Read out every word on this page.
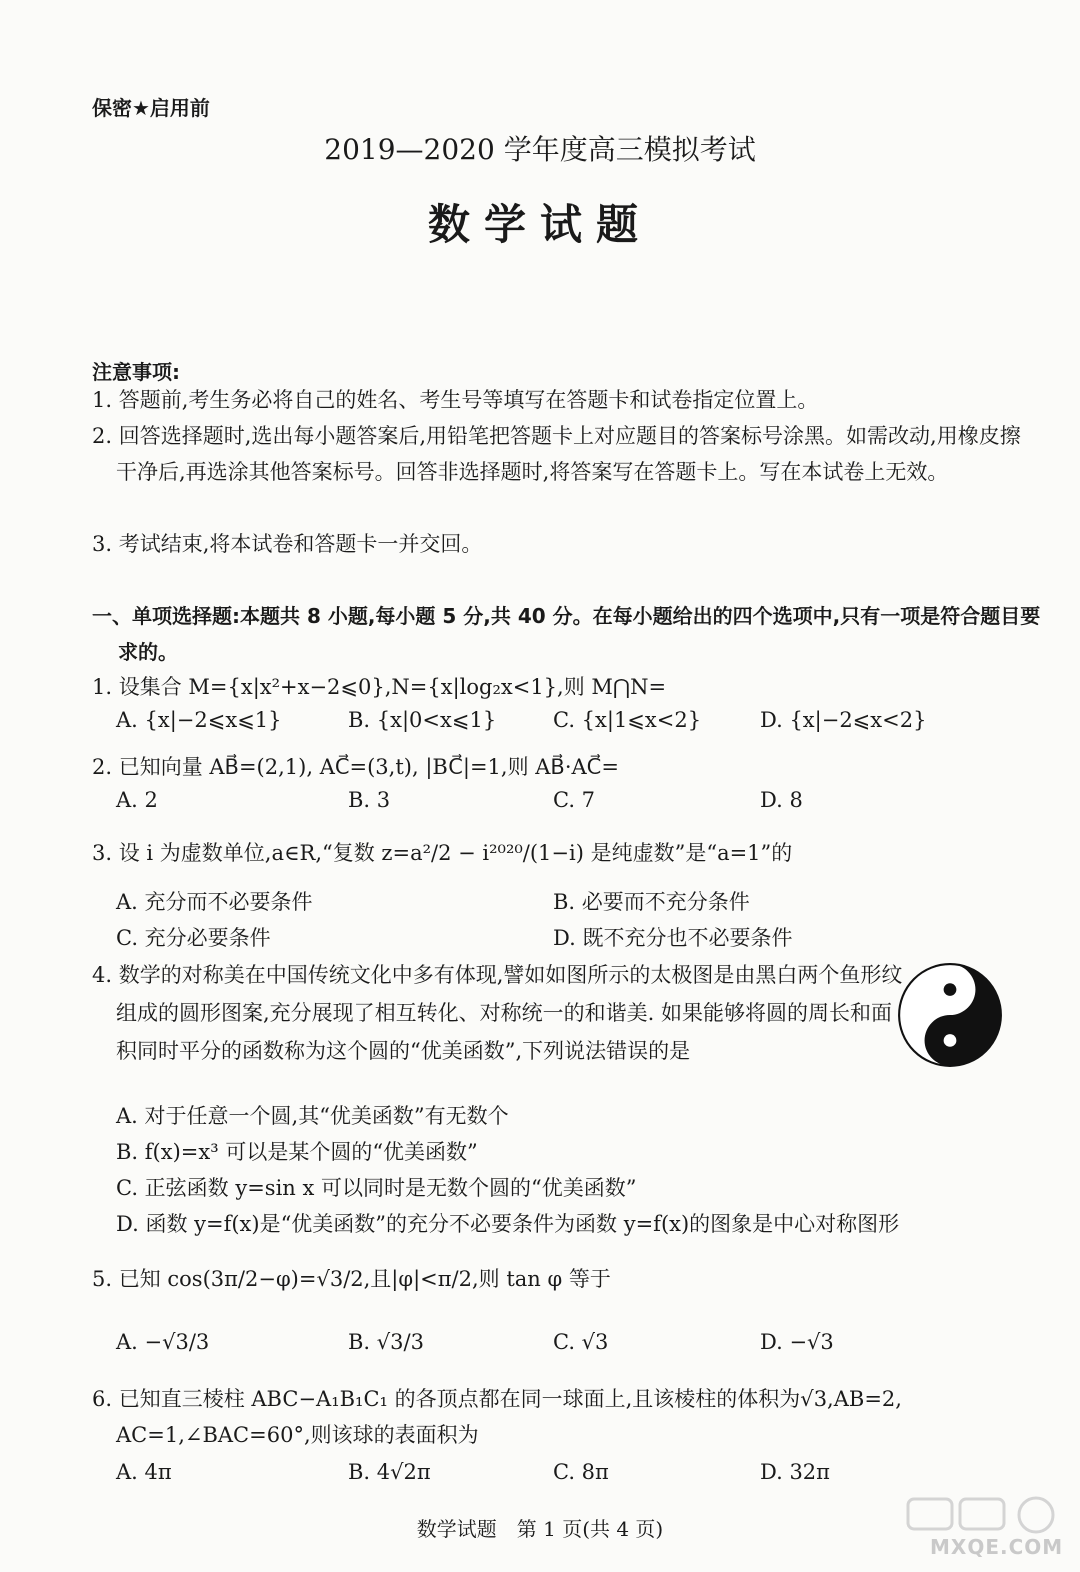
保密★启用前
2019—2020 学年度高三模拟考试
数学试题
注意事项:
1. 答题前,考生务必将自己的姓名、考生号等填写在答题卡和试卷指定位置上。
2. 回答选择题时,选出每小题答案后,用铅笔把答题卡上对应题目的答案标号涂黑。如需改动,用橡皮擦干净后,再选涂其他答案标号。回答非选择题时,将答案写在答题卡上。写在本试卷上无效。
3. 考试结束,将本试卷和答题卡一并交回。
一、单项选择题:本题共 8 小题,每小题 5 分,共 40 分。在每小题给出的四个选项中,只有一项是符合题目要求的。
1. 设集合 M={x|x²+x−2⩽0},N={x|log₂x<1},则 M⋂N=
A. {x|−2⩽x⩽1}	B. {x|0<x⩽1}	C. {x|1⩽x<2}	D. {x|−2⩽x<2}
2. 已知向量 AB⃗=(2,1), AC⃗=(3,t), |BC⃗|=1,则 AB⃗·AC⃗=
A. 2	B. 3	C. 7	D. 8
3. 设 i 为虚数单位,a∈R,“复数 z=a²/2 − i²⁰²⁰/(1−i) 是纯虚数”是“a=1”的
A. 充分而不必要条件	B. 必要而不充分条件
C. 充分必要条件	D. 既不充分也不必要条件
4. 数学的对称美在中国传统文化中多有体现,譬如如图所示的太极图是由黑白两个鱼形纹组成的圆形图案,充分展现了相互转化、对称统一的和谐美. 如果能够将圆的周长和面积同时平分的函数称为这个圆的“优美函数”,下列说法错误的是
A. 对于任意一个圆,其“优美函数”有无数个
B. f(x)=x³ 可以是某个圆的“优美函数”
C. 正弦函数 y=sin x 可以同时是无数个圆的“优美函数”
D. 函数 y=f(x)是“优美函数”的充分不必要条件为函数 y=f(x)的图象是中心对称图形
5. 已知 cos(3π/2−φ)=√3/2,且|φ|<π/2,则 tan φ 等于
A. −√3/3	B. √3/3	C. √3	D. −√3
6. 已知直三棱柱 ABC−A₁B₁C₁ 的各顶点都在同一球面上,且该棱柱的体积为√3,AB=2,
AC=1,∠BAC=60°,则该球的表面积为
A. 4π	B. 4√2π	C. 8π	D. 32π
数学试题　第 1 页(共 4 页)
MXQE.COM
